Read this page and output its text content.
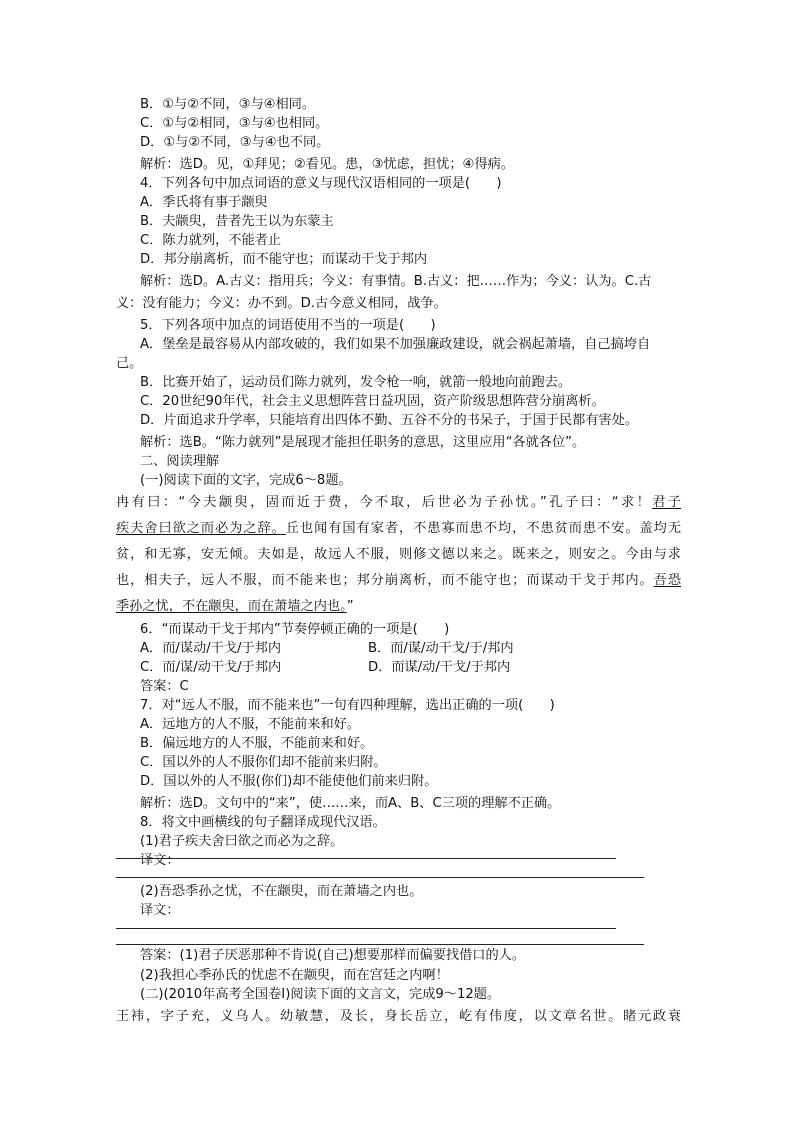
B．①与②不同，③与④相同。
C．①与②相同，③与④也相同。
D．①与②不同，③与④也不同。
解析：选D。见，①拜见；②看见。患，③忧虑，担忧；④得病。
4．下列各句中加点词语的意义与现代汉语相同的一项是(　　)
A．季氏将有事于颛臾
B．夫颛臾，昔者先王以为东蒙主
C．陈力就列，不能者止
D．邦分崩离析，而不能守也；而谋动干戈于邦内
解析：选D。A.古义：指用兵；今义：有事情。B.古义：把……作为；今义：认为。C.古
义：没有能力；今义：办不到。D.古今意义相同，战争。
5．下列各项中加点的词语使用不当的一项是(　　)
A．堡垒是最容易从内部攻破的，我们如果不加强廉政建设，就会祸起萧墙，自己搞垮自
己。
B．比赛开始了，运动员们陈力就列，发令枪一响，就箭一般地向前跑去。
C．20世纪90年代，社会主义思想阵营日益巩固，资产阶级思想阵营分崩离析。
D．片面追求升学率，只能培育出四体不勤、五谷不分的书呆子，于国于民都有害处。
解析：选B。“陈力就列”是展现才能担任职务的意思，这里应用“各就各位”。
二、阅读理解
(一)阅读下面的文字，完成6～8题。
冉有曰：“今夫颛臾，固而近于费，今不取，后世必为子孙忧。”孔子曰：“求！君子
疾夫舍曰欲之而必为之辞。丘也闻有国有家者，不患寡而患不均，不患贫而患不安。盖均无
贫，和无寡，安无倾。夫如是，故远人不服，则修文德以来之。既来之，则安之。今由与求
也，相夫子，远人不服，而不能来也；邦分崩离析，而不能守也；而谋动干戈于邦内。吾恐
季孙之忧，不在颛臾，而在萧墙之内也。”
6．“而谋动干戈于邦内”节奏停顿正确的一项是(　　)
A．而/谋动/干戈/于邦内	B．而/谋/动干戈/于/邦内
C．而/谋/动干戈/于邦内	D．而谋/动/干戈/于邦内
答案：C
7．对“远人不服，而不能来也”一句有四种理解，选出正确的一项(　　)
A．远地方的人不服，不能前来和好。
B．偏远地方的人不服，不能前来和好。
C．国以外的人不服你们却不能前来归附。
D．国以外的人不服(你们)却不能使他们前来归附。
解析：选D。文句中的“来”，使……来，而A、B、C三项的理解不正确。
8．将文中画横线的句子翻译成现代汉语。
(1)君子疾夫舍曰欲之而必为之辞。
译文：
(2)吾恐季孙之忧，不在颛臾，而在萧墙之内也。
译文：
答案：(1)君子厌恶那种不肯说(自己)想要那样而偏要找借口的人。
(2)我担心季孙氏的忧虑不在颛臾，而在宫廷之内啊！
(二)(2010年高考全国卷Ⅰ)阅读下面的文言文，完成9～12题。
王袆，字子充，义乌人。幼敏慧，及长，身长岳立，屹有伟度，以文章名世。睹元政衰
